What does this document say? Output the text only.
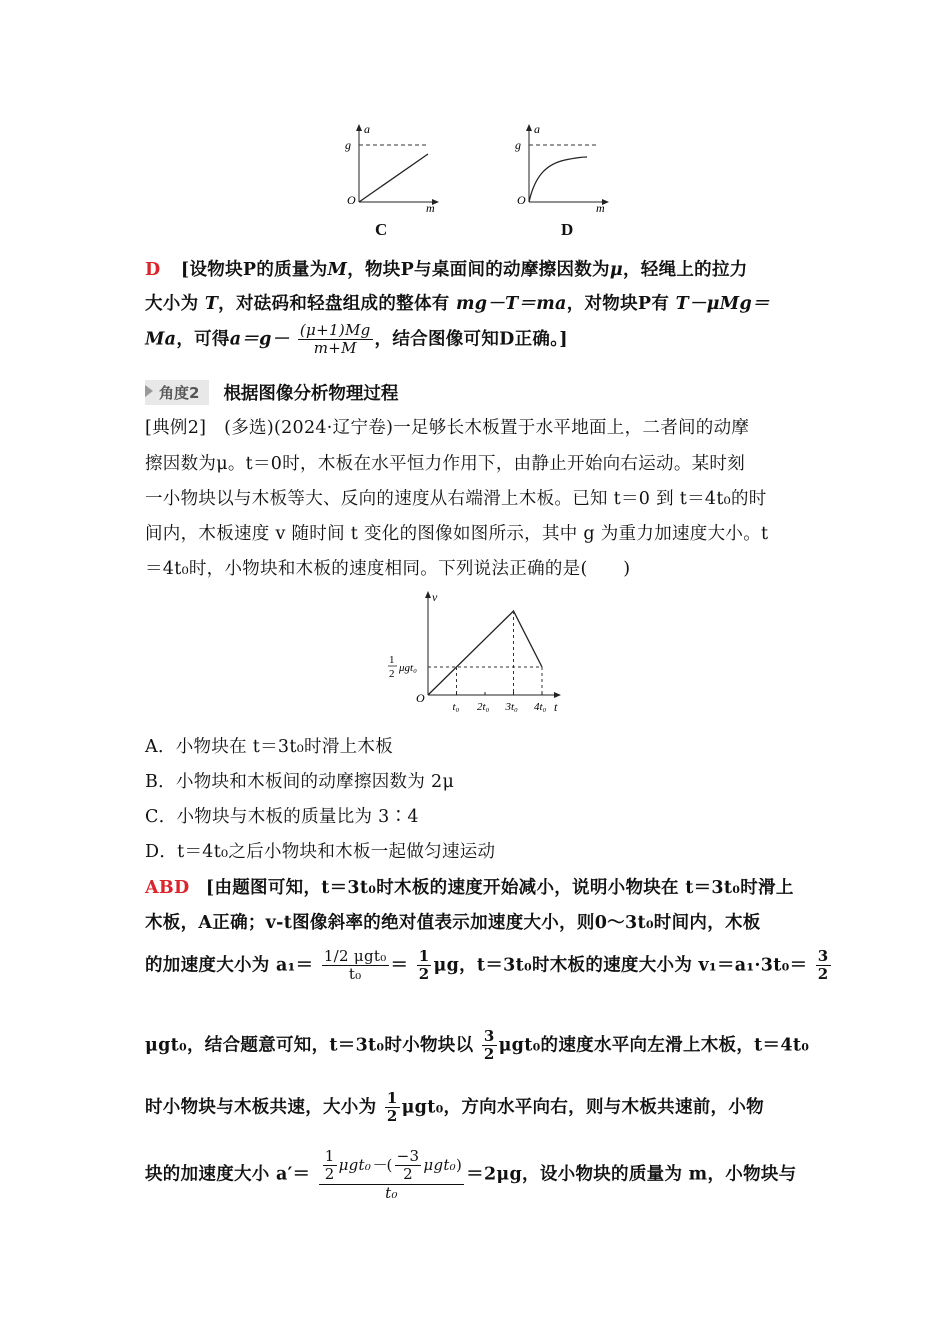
a
g
O
m
C
a
g
O
m
D
D [设物块P的质量为M，物块P与桌面间的动摩擦因数为μ，轻绳上的拉力
大小为 T，对砝码和轻盘组成的整体有 mg－T＝ma，对物块P有 T－μMg＝
Ma，可得$a=g- \frac{(\mu+1)Mg}{m+M}$ ，结合图像可知D正确。]
角度2	根据图像分析物理过程
[典例2]　(多选)(2024·辽宁卷)一足够长木板置于水平地面上，二者间的动摩
擦因数为μ。t＝0时，木板在水平恒力作用下，由静止开始向右运动。某时刻
一小物块以与木板等大、反向的速度从右端滑上木板。已知 t＝0 到 t＝4t₀的时
间内，木板速度 v 随时间 t 变化的图像如图所示，其中 g 为重力加速度大小。t
＝4t₀时，小物块和木板的速度相同。下列说法正确的是(　　)
v
t
O
1
2 μgt₀
t₀ 2t₀ 3t₀ 4t₀
A．小物块在 t＝3t₀时滑上木板
B．小物块和木板间的动摩擦因数为 2μ
C．小物块与木板的质量比为 3∶4
D．t＝4t₀之后小物块和木板一起做匀速运动
ABD [由题图可知，t＝3t₀时木板的速度开始减小，说明小物块在 t＝3t₀时滑上
木板，A正确；v-t图像斜率的绝对值表示加速度大小，则0～3t₀时间内，木板
的加速度大小为 $a_1= \frac{\text{1/2 μgt₀}}{\text{t₀}} = \frac{1}{2}$ μg，t＝3t₀时木板的速度大小为 $v_1=a_1\cdot 3t_0= \frac{3}{2}$
μgt₀，结合题意可知，t＝3t₀时小物块以 $\frac{3}{2} \mu gt_0$的速度水平向左滑上木板，t＝4t₀
时小物块与木板共速，大小为 $\frac{1}{2} \mu gt_0$，方向水平向右，则与木板共速前，小物
块的加速度大小 $a'= \frac{\frac{1}{2} \mu gt_0-( \frac{-3}{2} \mu gt_0)}{\text{t₀}} =2\mu g$，设小物块的质量为 m，小物块与
